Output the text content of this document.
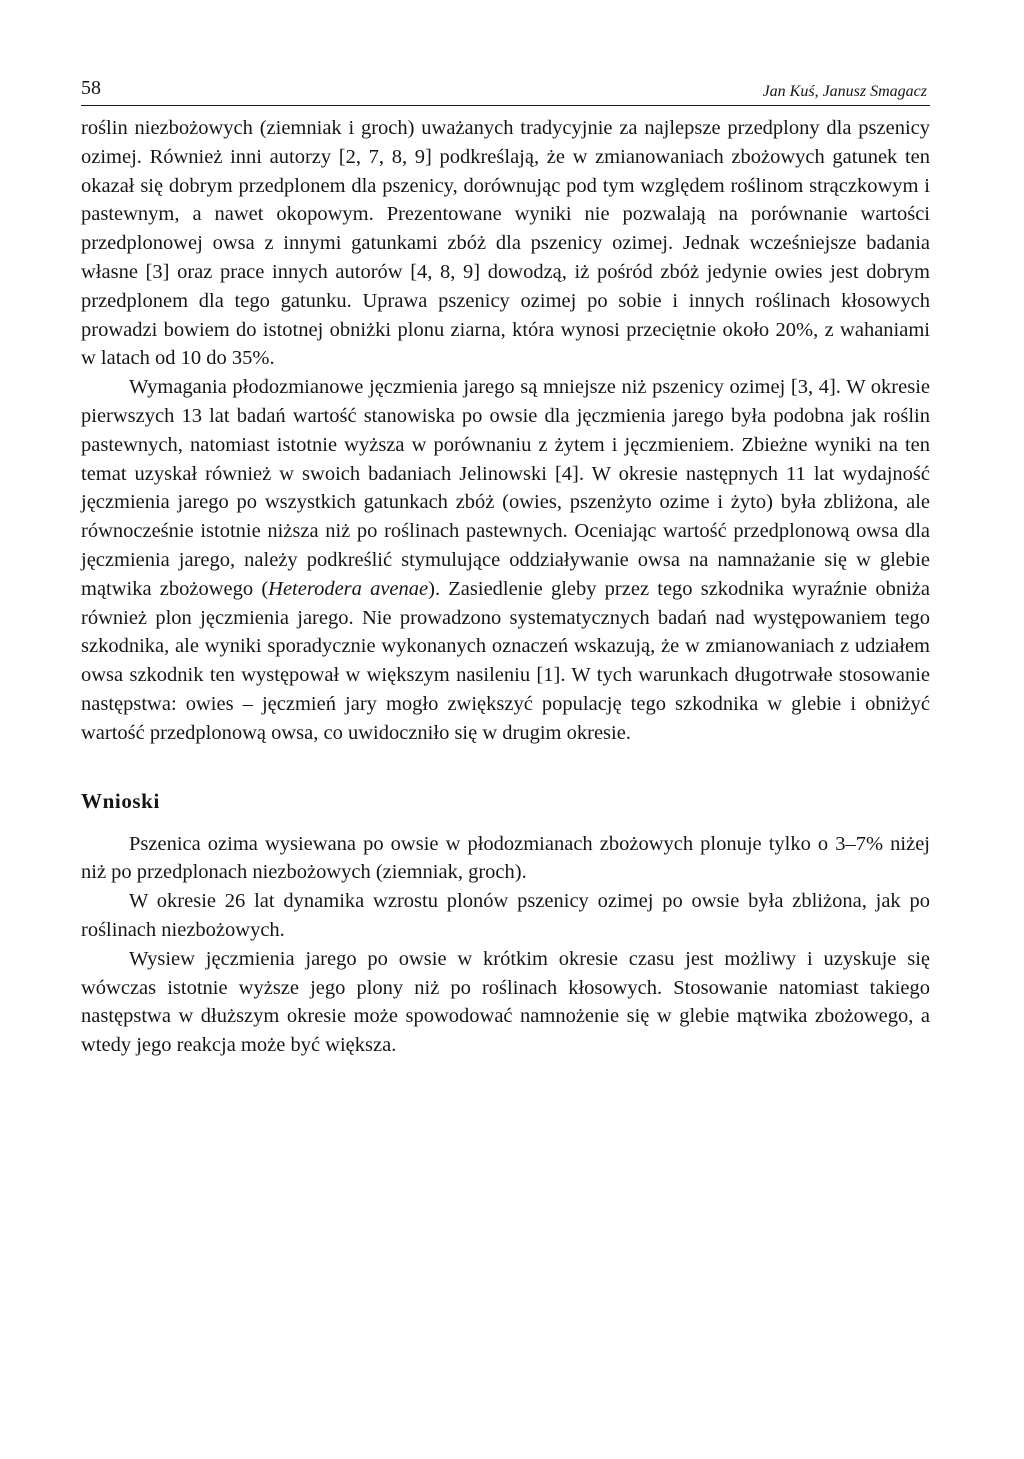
58	Jan Kuś, Janusz Smagacz

roślin niezbożowych (ziemniak i groch) uważanych tradycyjnie za najlepsze przedplony dla pszenicy ozimej. Również inni autorzy [2, 7, 8, 9] podkreślają, że w zmianowaniach zbożowych gatunek ten okazał się dobrym przedplonem dla pszenicy, dorównując pod tym względem roślinom strączkowym i pastewnym, a nawet okopowym. Prezentowane wyniki nie pozwalają na porównanie wartości przedplonowej owsa z innymi gatunkami zbóż dla pszenicy ozimej. Jednak wcześniejsze badania własne [3] oraz prace innych autorów [4, 8, 9] dowodzą, iż pośród zbóż jedynie owies jest dobrym przedplonem dla tego gatunku. Uprawa pszenicy ozimej po sobie i innych roślinach kłosowych prowadzi bowiem do istotnej obniżki plonu ziarna, która wynosi przeciętnie około 20%, z wahaniami w latach od 10 do 35%.

Wymagania płodozmianowe jęczmienia jarego są mniejsze niż pszenicy ozimej [3, 4]. W okresie pierwszych 13 lat badań wartość stanowiska po owsie dla jęczmienia jarego była podobna jak roślin pastewnych, natomiast istotnie wyższa w porównaniu z żytem i jęczmieniem. Zbieżne wyniki na ten temat uzyskał również w swoich badaniach Jelinowski [4]. W okresie następnych 11 lat wydajność jęczmienia jarego po wszystkich gatunkach zbóż (owies, pszenżyto ozime i żyto) była zbliżona, ale równocześnie istotnie niższa niż po roślinach pastewnych. Oceniając wartość przedplonową owsa dla jęczmienia jarego, należy podkreślić stymulujące oddziaływanie owsa na namnażanie się w glebie mątwika zbożowego (Heterodera avenae). Zasiedlenie gleby przez tego szkodnika wyraźnie obniża również plon jęczmienia jarego. Nie prowadzono systematycznych badań nad występowaniem tego szkodnika, ale wyniki sporadycznie wykonanych oznaczeń wskazują, że w zmianowaniach z udziałem owsa szkodnik ten występował w większym nasileniu [1]. W tych warunkach długotrwałe stosowanie następstwa: owies – jęczmień jary mogło zwiększyć populację tego szkodnika w glebie i obniżyć wartość przedplonową owsa, co uwidoczniło się w drugim okresie.

Wnioski

Pszenica ozima wysiewana po owsie w płodozmianach zbożowych plonuje tylko o 3–7% niżej niż po przedplonach niezbożowych (ziemniak, groch).

W okresie 26 lat dynamika wzrostu plonów pszenicy ozimej po owsie była zbliżona, jak po roślinach niezbożowych.

Wysiew jęczmienia jarego po owsie w krótkim okresie czasu jest możliwy i uzyskuje się wówczas istotnie wyższe jego plony niż po roślinach kłosowych. Stosowanie natomiast takiego następstwa w dłuższym okresie może spowodować namnożenie się w glebie mątwika zbożowego, a wtedy jego reakcja może być większa.
